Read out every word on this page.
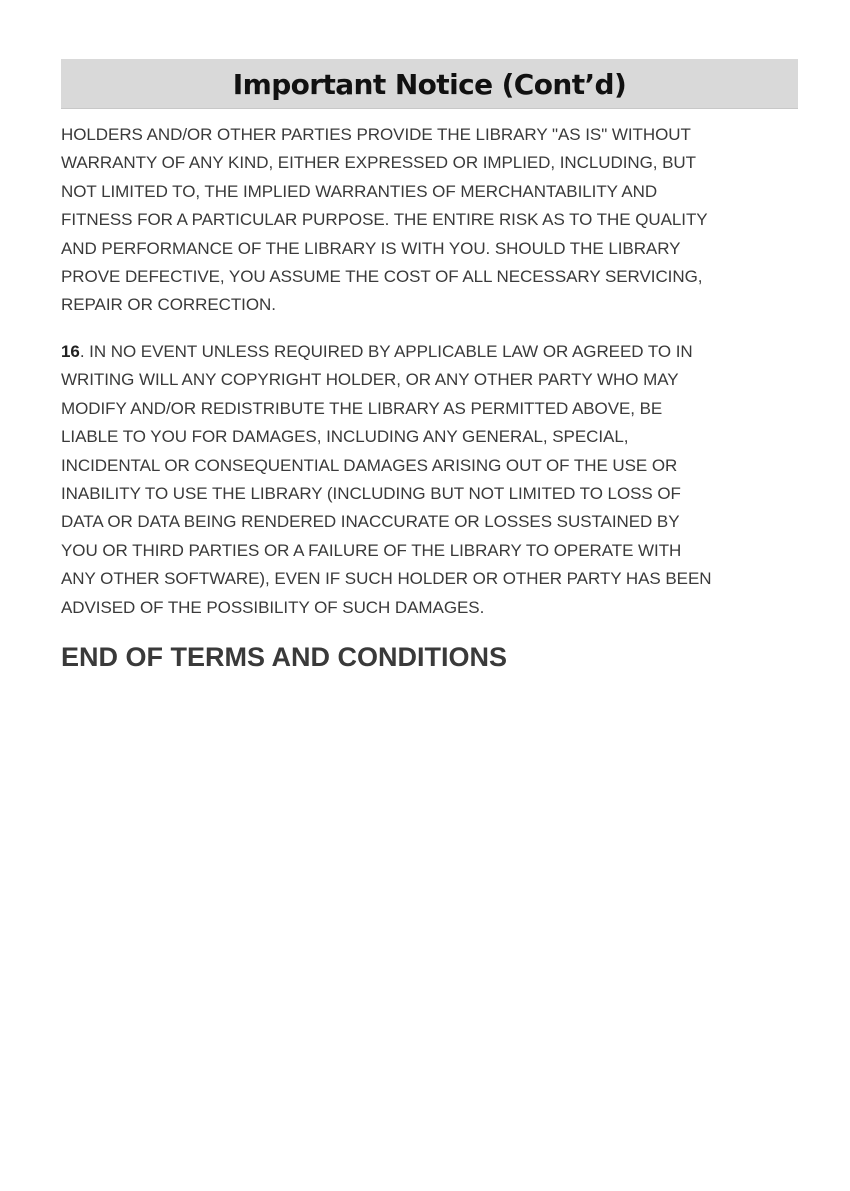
Important Notice (Cont’d)

HOLDERS AND/OR OTHER PARTIES PROVIDE THE LIBRARY "AS IS" WITHOUT
WARRANTY OF ANY KIND, EITHER EXPRESSED OR IMPLIED, INCLUDING, BUT
NOT LIMITED TO, THE IMPLIED WARRANTIES OF MERCHANTABILITY AND
FITNESS FOR A PARTICULAR PURPOSE. THE ENTIRE RISK AS TO THE QUALITY
AND PERFORMANCE OF THE LIBRARY IS WITH YOU. SHOULD THE LIBRARY
PROVE DEFECTIVE, YOU ASSUME THE COST OF ALL NECESSARY SERVICING,
REPAIR OR CORRECTION.

16. IN NO EVENT UNLESS REQUIRED BY APPLICABLE LAW OR AGREED TO IN
WRITING WILL ANY COPYRIGHT HOLDER, OR ANY OTHER PARTY WHO MAY
MODIFY AND/OR REDISTRIBUTE THE LIBRARY AS PERMITTED ABOVE, BE
LIABLE TO YOU FOR DAMAGES, INCLUDING ANY GENERAL, SPECIAL,
INCIDENTAL OR CONSEQUENTIAL DAMAGES ARISING OUT OF THE USE OR
INABILITY TO USE THE LIBRARY (INCLUDING BUT NOT LIMITED TO LOSS OF
DATA OR DATA BEING RENDERED INACCURATE OR LOSSES SUSTAINED BY
YOU OR THIRD PARTIES OR A FAILURE OF THE LIBRARY TO OPERATE WITH
ANY OTHER SOFTWARE), EVEN IF SUCH HOLDER OR OTHER PARTY HAS BEEN
ADVISED OF THE POSSIBILITY OF SUCH DAMAGES.

END OF TERMS AND CONDITIONS
